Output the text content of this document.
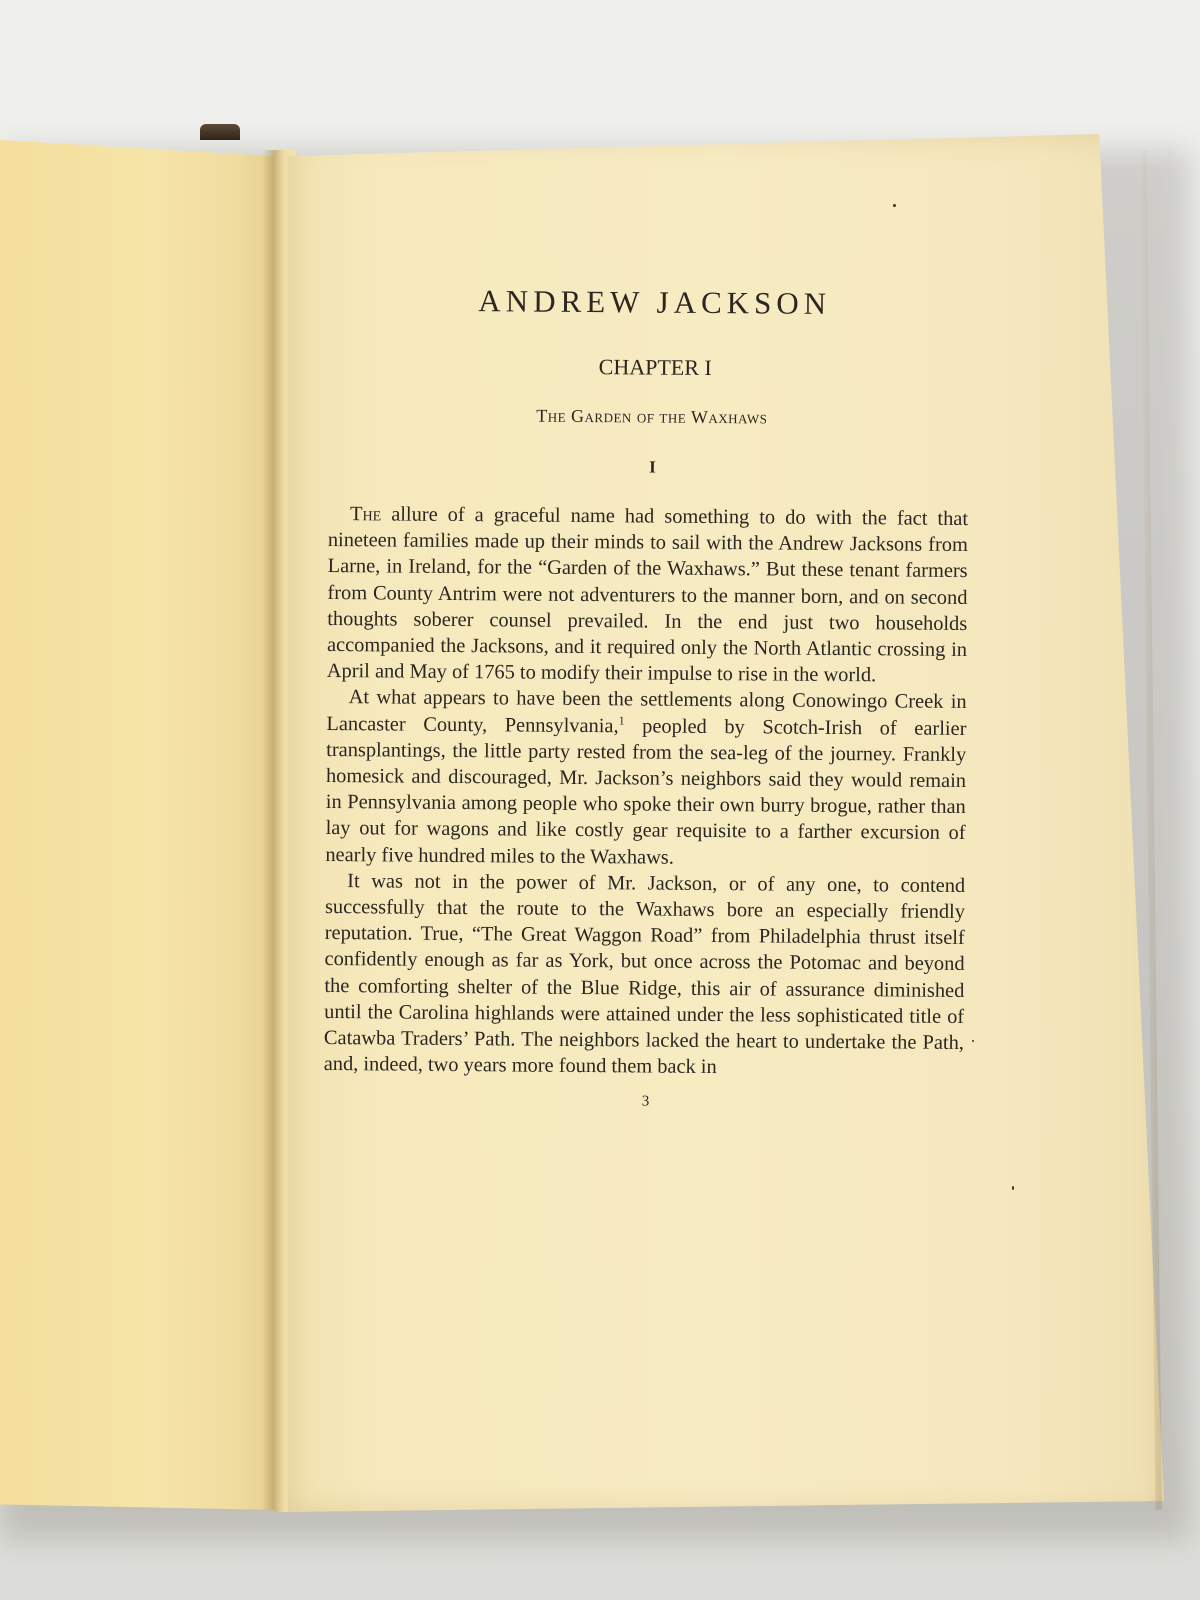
ANDREW JACKSON
CHAPTER I
The Garden of the Waxhaws
I

The allure of a graceful name had something to do with the fact that nineteen families made up their minds to sail with the Andrew Jacksons from Larne, in Ireland, for the “Garden of the Waxhaws.” But these tenant farmers from County Antrim were not adventurers to the manner born, and on second thoughts soberer counsel prevailed. In the end just two households accompanied the Jacksons, and it required only the North Atlantic crossing in April and May of 1765 to modify their impulse to rise in the world.

At what appears to have been the settlements along Conowingo Creek in Lancaster County, Pennsylvania,$^1$ peopled by Scotch-Irish of earlier transplantings, the little party rested from the sea-leg of the journey. Frankly homesick and discouraged, Mr. Jackson’s neighbors said they would remain in Pennsylvania among people who spoke their own burry brogue, rather than lay out for wagons and like costly gear requisite to a farther excursion of nearly five hundred miles to the Waxhaws.

It was not in the power of Mr. Jackson, or of any one, to contend successfully that the route to the Waxhaws bore an especially friendly reputation. True, “The Great Waggon Road” from Philadelphia thrust itself confidently enough as far as York, but once across the Potomac and beyond the comforting shelter of the Blue Ridge, this air of assurance diminished until the Carolina highlands were attained under the less sophisticated title of Catawba Traders’ Path. The neighbors lacked the heart to undertake the Path, and, indeed, two years more found them back in

3
